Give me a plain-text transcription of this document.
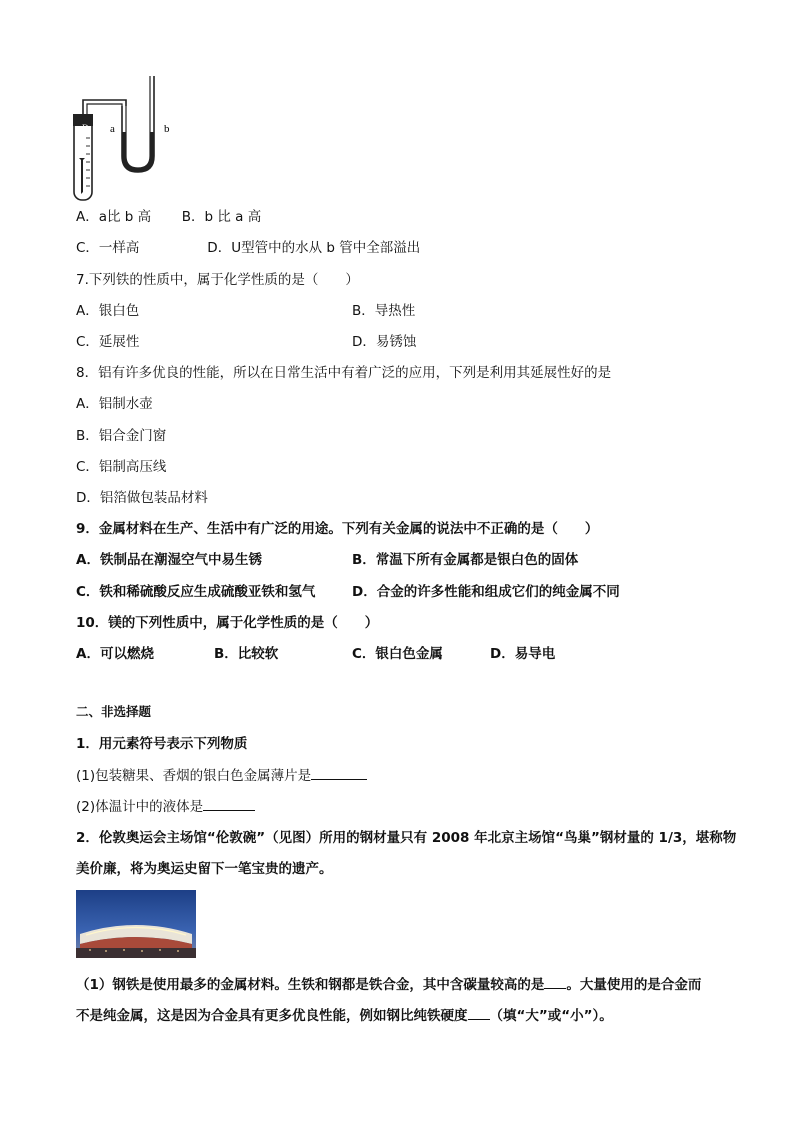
D a	b
A．a比 b 高 B．b 比 a 高
C．一样高	D．U型管中的水从 b 管中全部溢出
7.下列铁的性质中，属于化学性质的是（　　）
A．银白色	B．导热性
C．延展性	D．易锈蚀
8．铝有许多优良的性能，所以在日常生活中有着广泛的应用，下列是利用其延展性好的是
A．铝制水壶
B．铝合金门窗
C．铝制高压线
D．铝箔做包装品材料
9．金属材料在生产、生活中有广泛的用途。下列有关金属的说法中不正确的是（　　）
A．铁制品在潮湿空气中易生锈	B．常温下所有金属都是银白色的固体
C．铁和稀硫酸反应生成硫酸亚铁和氢气	D．合金的许多性能和组成它们的纯金属不同
10．镁的下列性质中，属于化学性质的是（　　）
A．可以燃烧	B．比较软	C．银白色金属	D．易导电
二、非选择题
1．用元素符号表示下列物质
(1)包装糖果、香烟的银白色金属薄片是
(2)体温计中的液体是
2．伦敦奥运会主场馆“伦敦碗”（见图）所用的钢材量只有 2008 年北京主场馆“鸟巢”钢材量的 1/3，堪称物
美价廉，将为奥运史留下一笔宝贵的遗产。
（1）钢铁是使用最多的金属材料。生铁和钢都是铁合金，其中含碳量较高的是 。大量使用的是合金而
不是纯金属，这是因为合金具有更多优良性能，例如钢比纯铁硬度 （填“大”或“小”）。
